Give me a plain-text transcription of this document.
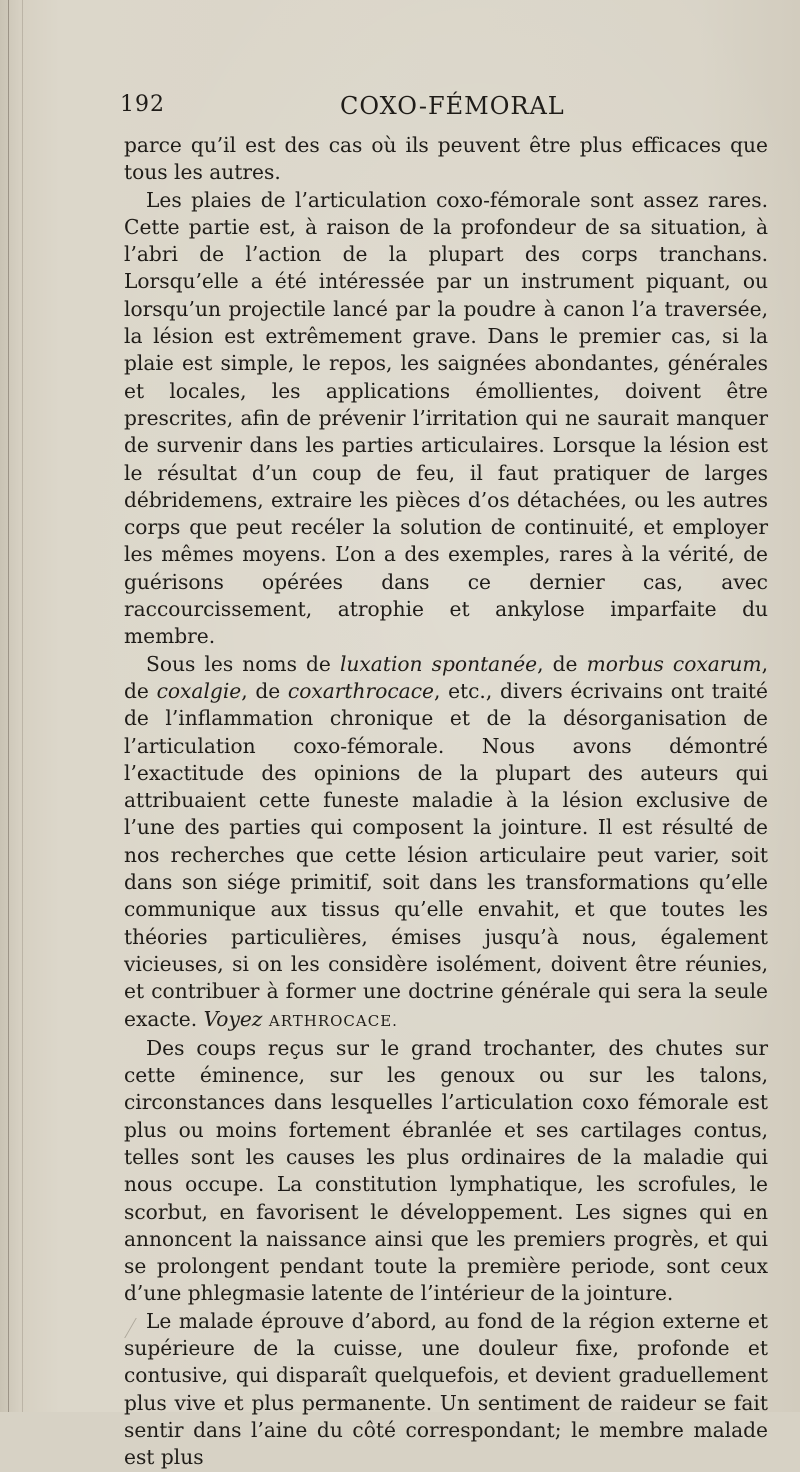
192	COXO-FÉMORAL

parce qu’il est des cas où ils peuvent être plus efficaces que tous les autres.

Les plaies de l’articulation coxo-fémorale sont assez rares. Cette partie est, à raison de la profondeur de sa situation, à l’abri de l’action de la plupart des corps tranchans. Lorsqu’elle a été intéressée par un instrument piquant, ou lorsqu’un projectile lancé par la poudre à canon l’a traversée, la lésion est extrêmement grave. Dans le premier cas, si la plaie est simple, le repos, les saignées abondantes, générales et locales, les applications émollientes, doivent être prescrites, afin de prévenir l’irritation qui ne saurait manquer de survenir dans les parties articulaires. Lorsque la lésion est le résultat d’un coup de feu, il faut pratiquer de larges débridemens, extraire les pièces d’os détachées, ou les autres corps que peut recéler la solution de continuité, et employer les mêmes moyens. L’on a des exemples, rares à la vérité, de guérisons opérées dans ce dernier cas, avec raccourcissement, atrophie et ankylose imparfaite du membre.

Sous les noms de luxation spontanée, de morbus coxarum, de coxalgie, de coxarthrocace, etc., divers écrivains ont traité de l’inflammation chronique et de la désorganisation de l’articulation coxo-fémorale. Nous avons démontré l’exactitude des opinions de la plupart des auteurs qui attribuaient cette funeste maladie à la lésion exclusive de l’une des parties qui composent la jointure. Il est résulté de nos recherches que cette lésion articulaire peut varier, soit dans son siége primitif, soit dans les transformations qu’elle communique aux tissus qu’elle envahit, et que toutes les théories particulières, émises jusqu’à nous, également vicieuses, si on les considère isolément, doivent être réunies, et contribuer à former une doctrine générale qui sera la seule exacte. Voyez ARTHROCACE.

Des coups reçus sur le grand trochanter, des chutes sur cette éminence, sur les genoux ou sur les talons, circonstances dans lesquelles l’articulation coxo fémorale est plus ou moins fortement ébranlée et ses cartilages contus, telles sont les causes les plus ordinaires de la maladie qui nous occupe. La constitution lymphatique, les scrofules, le scorbut, en favorisent le développement. Les signes qui en annoncent la naissance ainsi que les premiers progrès, et qui se prolongent pendant toute la première periode, sont ceux d’une phlegmasie latente de l’intérieur de la jointure.

Le malade éprouve d’abord, au fond de la région externe et supérieure de la cuisse, une douleur fixe, profonde et contusive, qui disparaît quelquefois, et devient graduellement plus vive et plus permanente. Un sentiment de raideur se fait sentir dans l’aine du côté correspondant; le membre malade est plus
